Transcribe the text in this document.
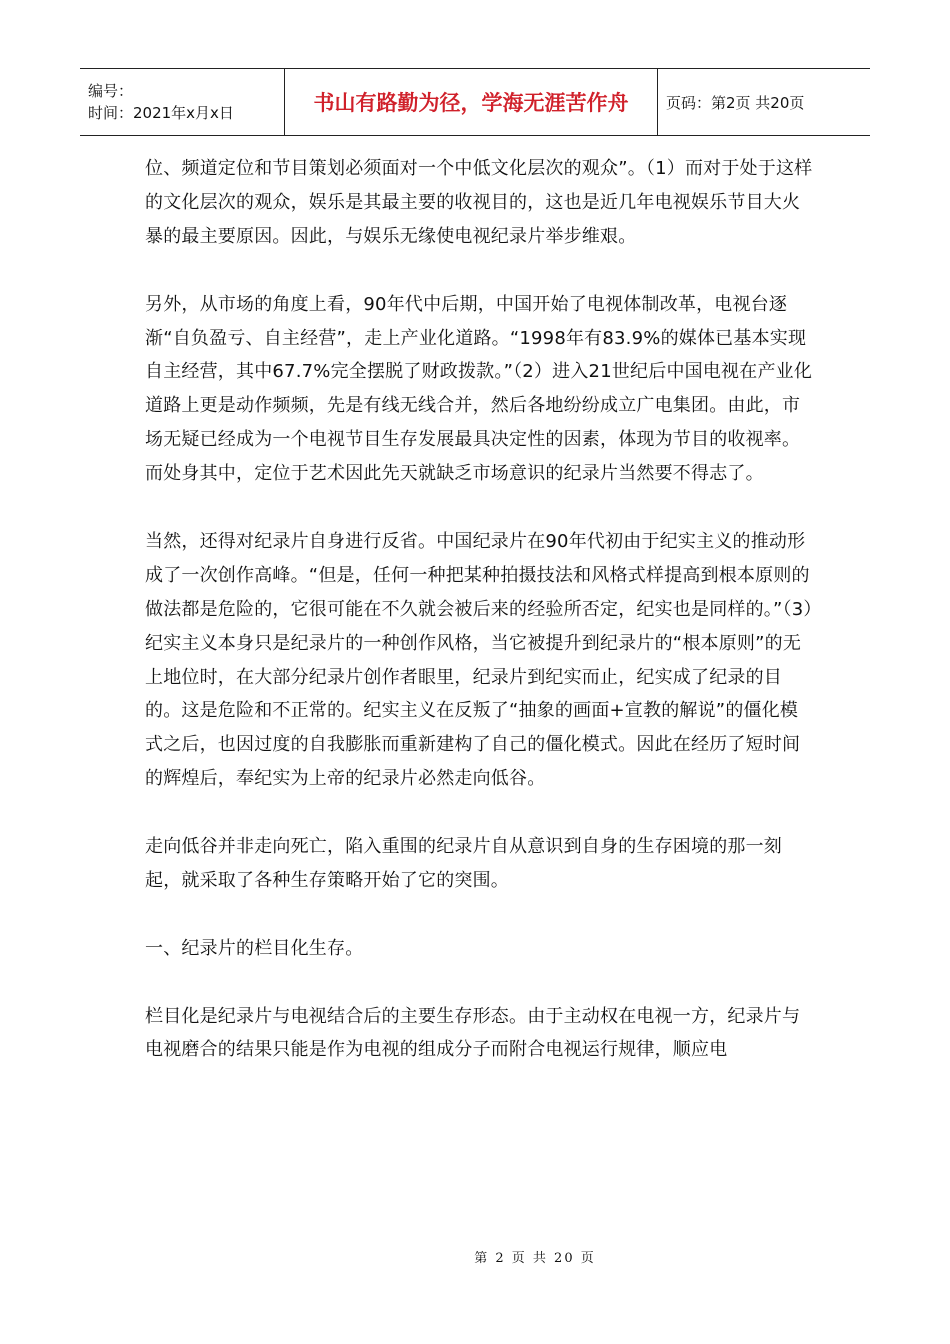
编号：
时间：2021年x月x日	书山有路勤为径，学海无涯苦作舟	页码：第2页 共20页

位、频道定位和节目策划必须面对一个中低文化层次的观众”。（1）而对于处于这样的文化层次的观众，娱乐是其最主要的收视目的，这也是近几年电视娱乐节目大火暴的最主要原因。因此，与娱乐无缘使电视纪录片举步维艰。

另外，从市场的角度上看，90年代中后期，中国开始了电视体制改革，电视台逐渐“自负盈亏、自主经营”，走上产业化道路。“1998年有83.9%的媒体已基本实现自主经营，其中67.7%完全摆脱了财政拨款。”（2）进入21世纪后中国电视在产业化道路上更是动作频频，先是有线无线合并，然后各地纷纷成立广电集团。由此，市场无疑已经成为一个电视节目生存发展最具决定性的因素，体现为节目的收视率。而处身其中，定位于艺术因此先天就缺乏市场意识的纪录片当然要不得志了。

当然，还得对纪录片自身进行反省。中国纪录片在90年代初由于纪实主义的推动形成了一次创作高峰。“但是，任何一种把某种拍摄技法和风格式样提高到根本原则的做法都是危险的，它很可能在不久就会被后来的经验所否定，纪实也是同样的。”（3）纪实主义本身只是纪录片的一种创作风格，当它被提升到纪录片的“根本原则”的无上地位时，在大部分纪录片创作者眼里，纪录片到纪实而止，纪实成了纪录的目的。这是危险和不正常的。纪实主义在反叛了“抽象的画面+宣教的解说”的僵化模式之后，也因过度的自我膨胀而重新建构了自己的僵化模式。因此在经历了短时间的辉煌后，奉纪实为上帝的纪录片必然走向低谷。

走向低谷并非走向死亡，陷入重围的纪录片自从意识到自身的生存困境的那一刻起，就采取了各种生存策略开始了它的突围。

一、纪录片的栏目化生存。

栏目化是纪录片与电视结合后的主要生存形态。由于主动权在电视一方，纪录片与电视磨合的结果只能是作为电视的组成分子而附合电视运行规律，顺应电

第 2 页 共 20 页
